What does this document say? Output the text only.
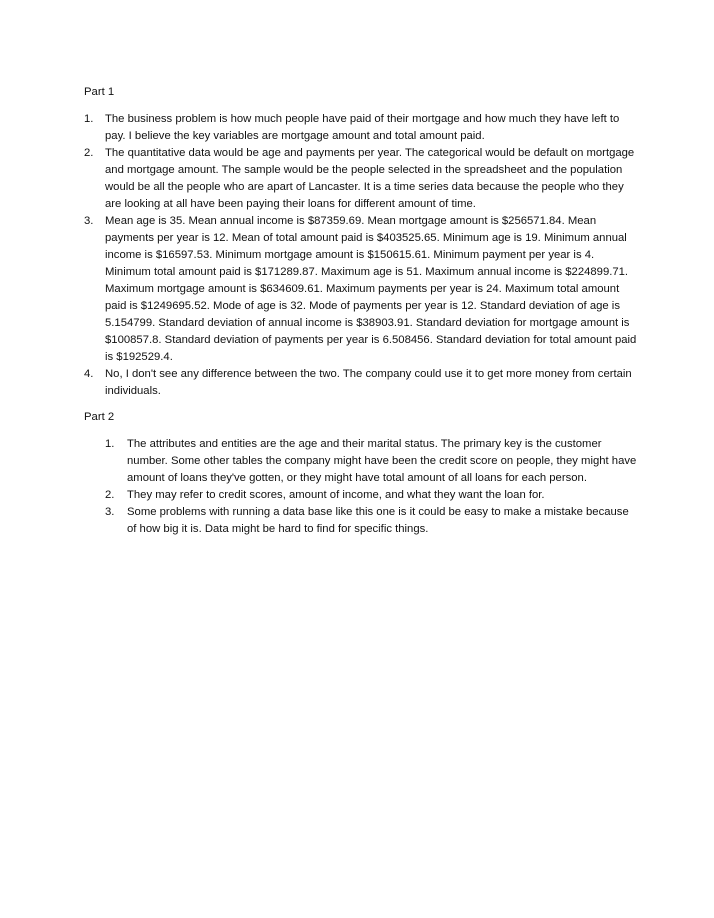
Part 1

1. The business problem is how much people have paid of their mortgage and how much they have left to pay. I believe the key variables are mortgage amount and total amount paid.
2. The quantitative data would be age and payments per year. The categorical would be default on mortgage and mortgage amount. The sample would be the people selected in the spreadsheet and the population would be all the people who are apart of Lancaster. It is a time series data because the people who they are looking at all have been paying their loans for different amount of time.
3. Mean age is 35. Mean annual income is $87359.69. Mean mortgage amount is $256571.84. Mean payments per year is 12. Mean of total amount paid is $403525.65. Minimum age is 19. Minimum annual income is $16597.53. Minimum mortgage amount is $150615.61. Minimum payment per year is 4. Minimum total amount paid is $171289.87. Maximum age is 51. Maximum annual income is $224899.71. Maximum mortgage amount is $634609.61. Maximum payments per year is 24. Maximum total amount paid is $1249695.52. Mode of age is 32. Mode of payments per year is 12. Standard deviation of age is 5.154799. Standard deviation of annual income is $38903.91. Standard deviation for mortgage amount is $100857.8. Standard deviation of payments per year is 6.508456. Standard deviation for total amount paid is $192529.4.
4. No, I don't see any difference between the two. The company could use it to get more money from certain individuals.

Part 2

1. The attributes and entities are the age and their marital status. The primary key is the customer number. Some other tables the company might have been the credit score on people, they might have amount of loans they've gotten, or they might have total amount of all loans for each person.
2. They may refer to credit scores, amount of income, and what they want the loan for.
3. Some problems with running a data base like this one is it could be easy to make a mistake because of how big it is. Data might be hard to find for specific things.
